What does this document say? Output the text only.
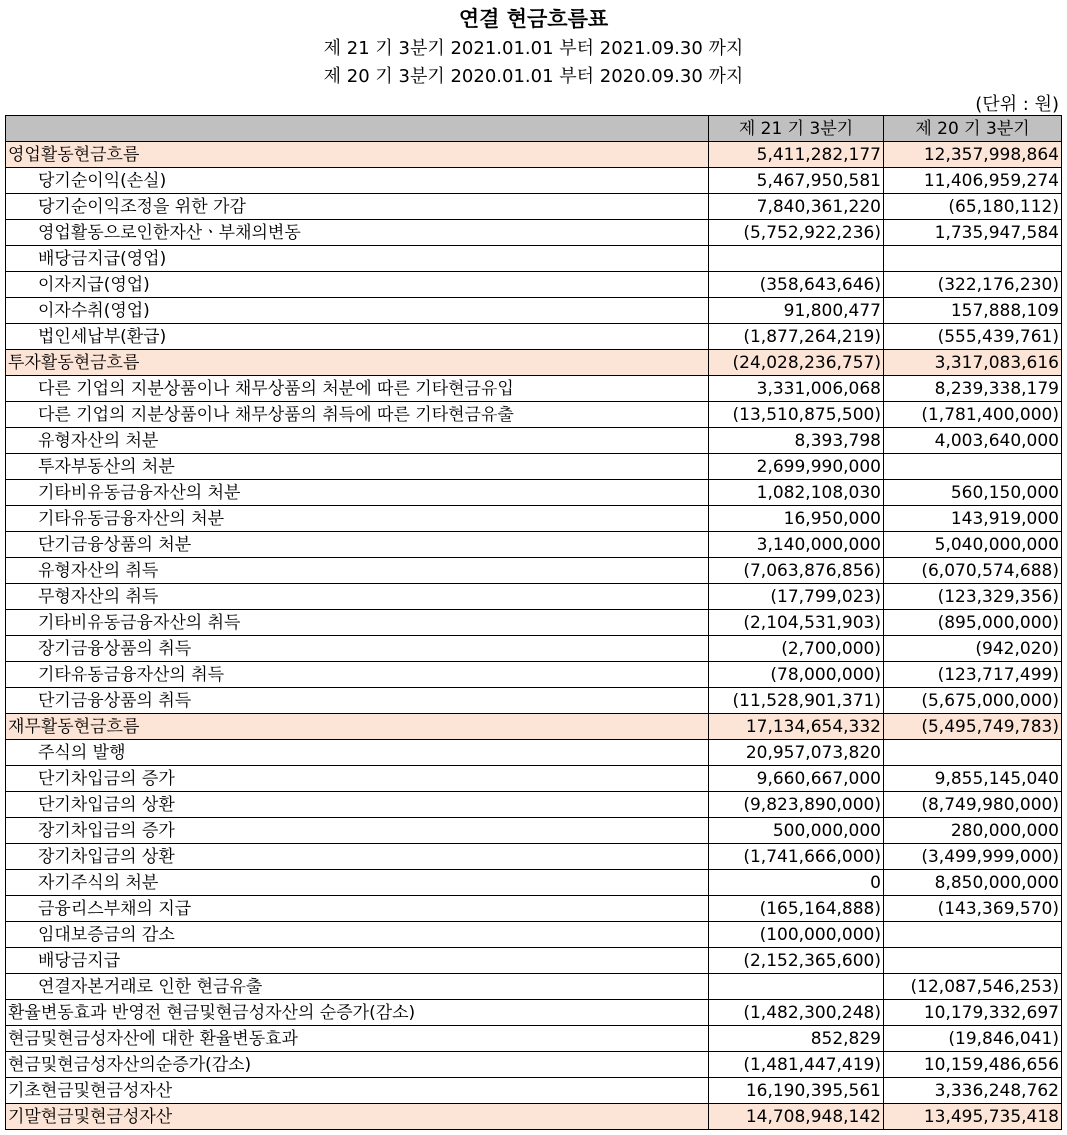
연결 현금흐름표
제 21 기 3분기 2021.01.01 부터 2021.09.30 까지
제 20 기 3분기 2020.01.01 부터 2020.09.30 까지
(단위 : 원)
	제 21 기 3분기	제 20 기 3분기
영업활동현금흐름	5,411,282,177	12,357,998,864
당기순이익(손실)	5,467,950,581	11,406,959,274
당기순이익조정을 위한 가감	7,840,361,220	(65,180,112)
영업활동으로인한자산ㆍ부채의변동	(5,752,922,236)	1,735,947,584
배당금지급(영업)		
이자지급(영업)	(358,643,646)	(322,176,230)
이자수취(영업)	91,800,477	157,888,109
법인세납부(환급)	(1,877,264,219)	(555,439,761)
투자활동현금흐름	(24,028,236,757)	3,317,083,616
다른 기업의 지분상품이나 채무상품의 처분에 따른 기타현금유입	3,331,006,068	8,239,338,179
다른 기업의 지분상품이나 채무상품의 취득에 따른 기타현금유출	(13,510,875,500)	(1,781,400,000)
유형자산의 처분	8,393,798	4,003,640,000
투자부동산의 처분	2,699,990,000	
기타비유동금융자산의 처분	1,082,108,030	560,150,000
기타유동금융자산의 처분	16,950,000	143,919,000
단기금융상품의 처분	3,140,000,000	5,040,000,000
유형자산의 취득	(7,063,876,856)	(6,070,574,688)
무형자산의 취득	(17,799,023)	(123,329,356)
기타비유동금융자산의 취득	(2,104,531,903)	(895,000,000)
장기금융상품의 취득	(2,700,000)	(942,020)
기타유동금융자산의 취득	(78,000,000)	(123,717,499)
단기금융상품의 취득	(11,528,901,371)	(5,675,000,000)
재무활동현금흐름	17,134,654,332	(5,495,749,783)
주식의 발행	20,957,073,820	
단기차입금의 증가	9,660,667,000	9,855,145,040
단기차입금의 상환	(9,823,890,000)	(8,749,980,000)
장기차입금의 증가	500,000,000	280,000,000
장기차입금의 상환	(1,741,666,000)	(3,499,999,000)
자기주식의 처분	0	8,850,000,000
금융리스부채의 지급	(165,164,888)	(143,369,570)
임대보증금의 감소	(100,000,000)	
배당금지급	(2,152,365,600)	
연결자본거래로 인한 현금유출		(12,087,546,253)
환율변동효과 반영전 현금및현금성자산의 순증가(감소)	(1,482,300,248)	10,179,332,697
현금및현금성자산에 대한 환율변동효과	852,829	(19,846,041)
현금및현금성자산의순증가(감소)	(1,481,447,419)	10,159,486,656
기초현금및현금성자산	16,190,395,561	3,336,248,762
기말현금및현금성자산	14,708,948,142	13,495,735,418
